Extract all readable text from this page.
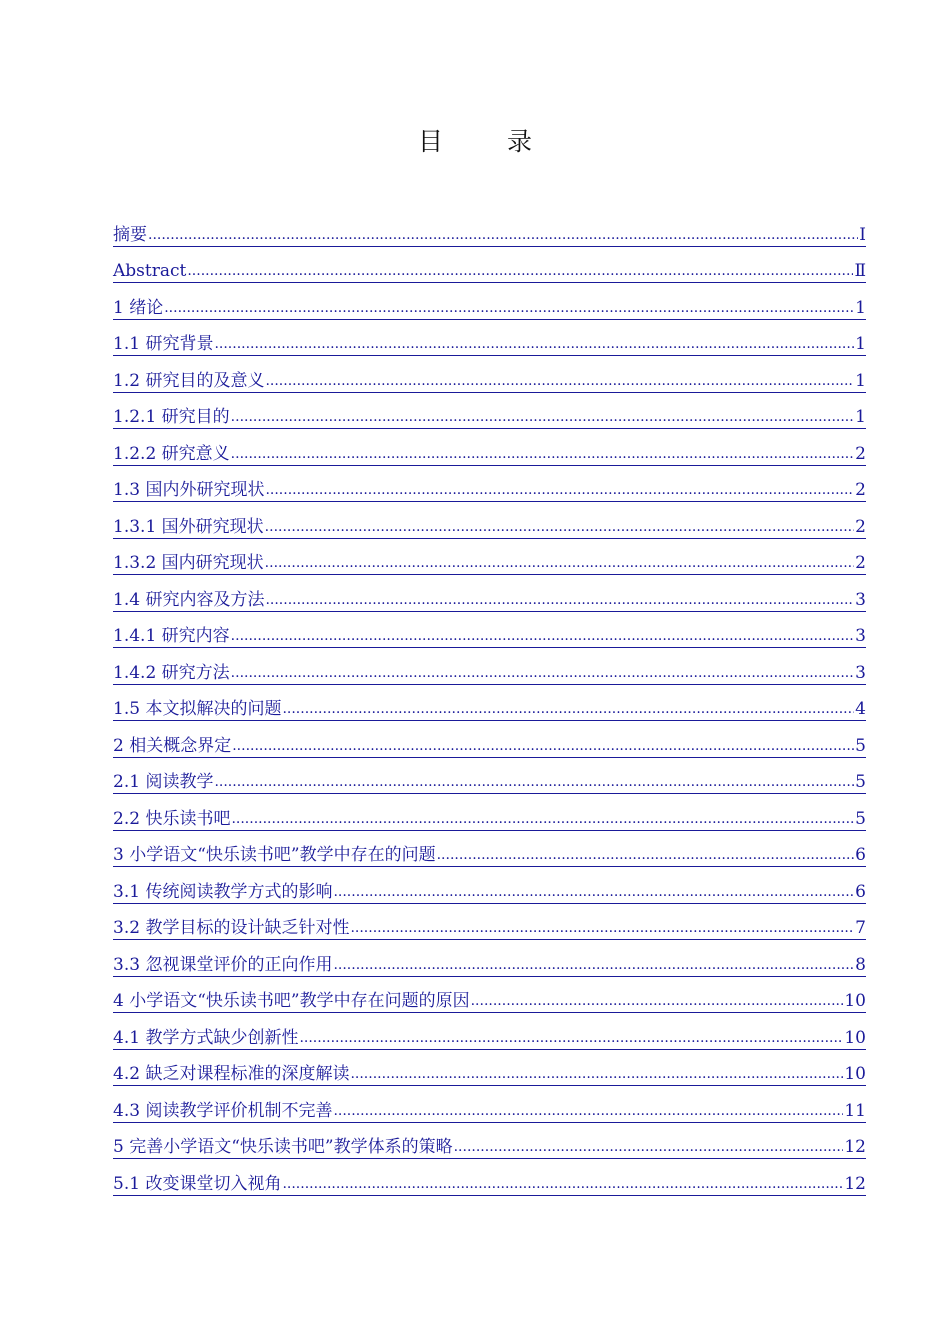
目 录
摘要 .....	I
Abstract .....	Ⅱ
1 绪论 .....	1
1.1 研究背景 .....	1
1.2 研究目的及意义 .....	1
1.2.1 研究目的 .....	1
1.2.2 研究意义 .....	2
1.3 国内外研究现状 .....	2
1.3.1 国外研究现状 .....	2
1.3.2 国内研究现状 .....	2
1.4 研究内容及方法 .....	3
1.4.1 研究内容 .....	3
1.4.2 研究方法 .....	3
1.5 本文拟解决的问题 .....	4
2 相关概念界定 .....	5
2.1 阅读教学 .....	5
2.2 快乐读书吧 .....	5
3 小学语文“快乐读书吧”教学中存在的问题 .....	6
3.1 传统阅读教学方式的影响 .....	6
3.2 教学目标的设计缺乏针对性 .....	7
3.3 忽视课堂评价的正向作用 .....	8
4 小学语文“快乐读书吧”教学中存在问题的原因 .....	10
4.1 教学方式缺少创新性 .....	10
4.2 缺乏对课程标准的深度解读 .....	10
4.3 阅读教学评价机制不完善 .....	11
5 完善小学语文“快乐读书吧”教学体系的策略 .....	12
5.1 改变课堂切入视角 .....	12
